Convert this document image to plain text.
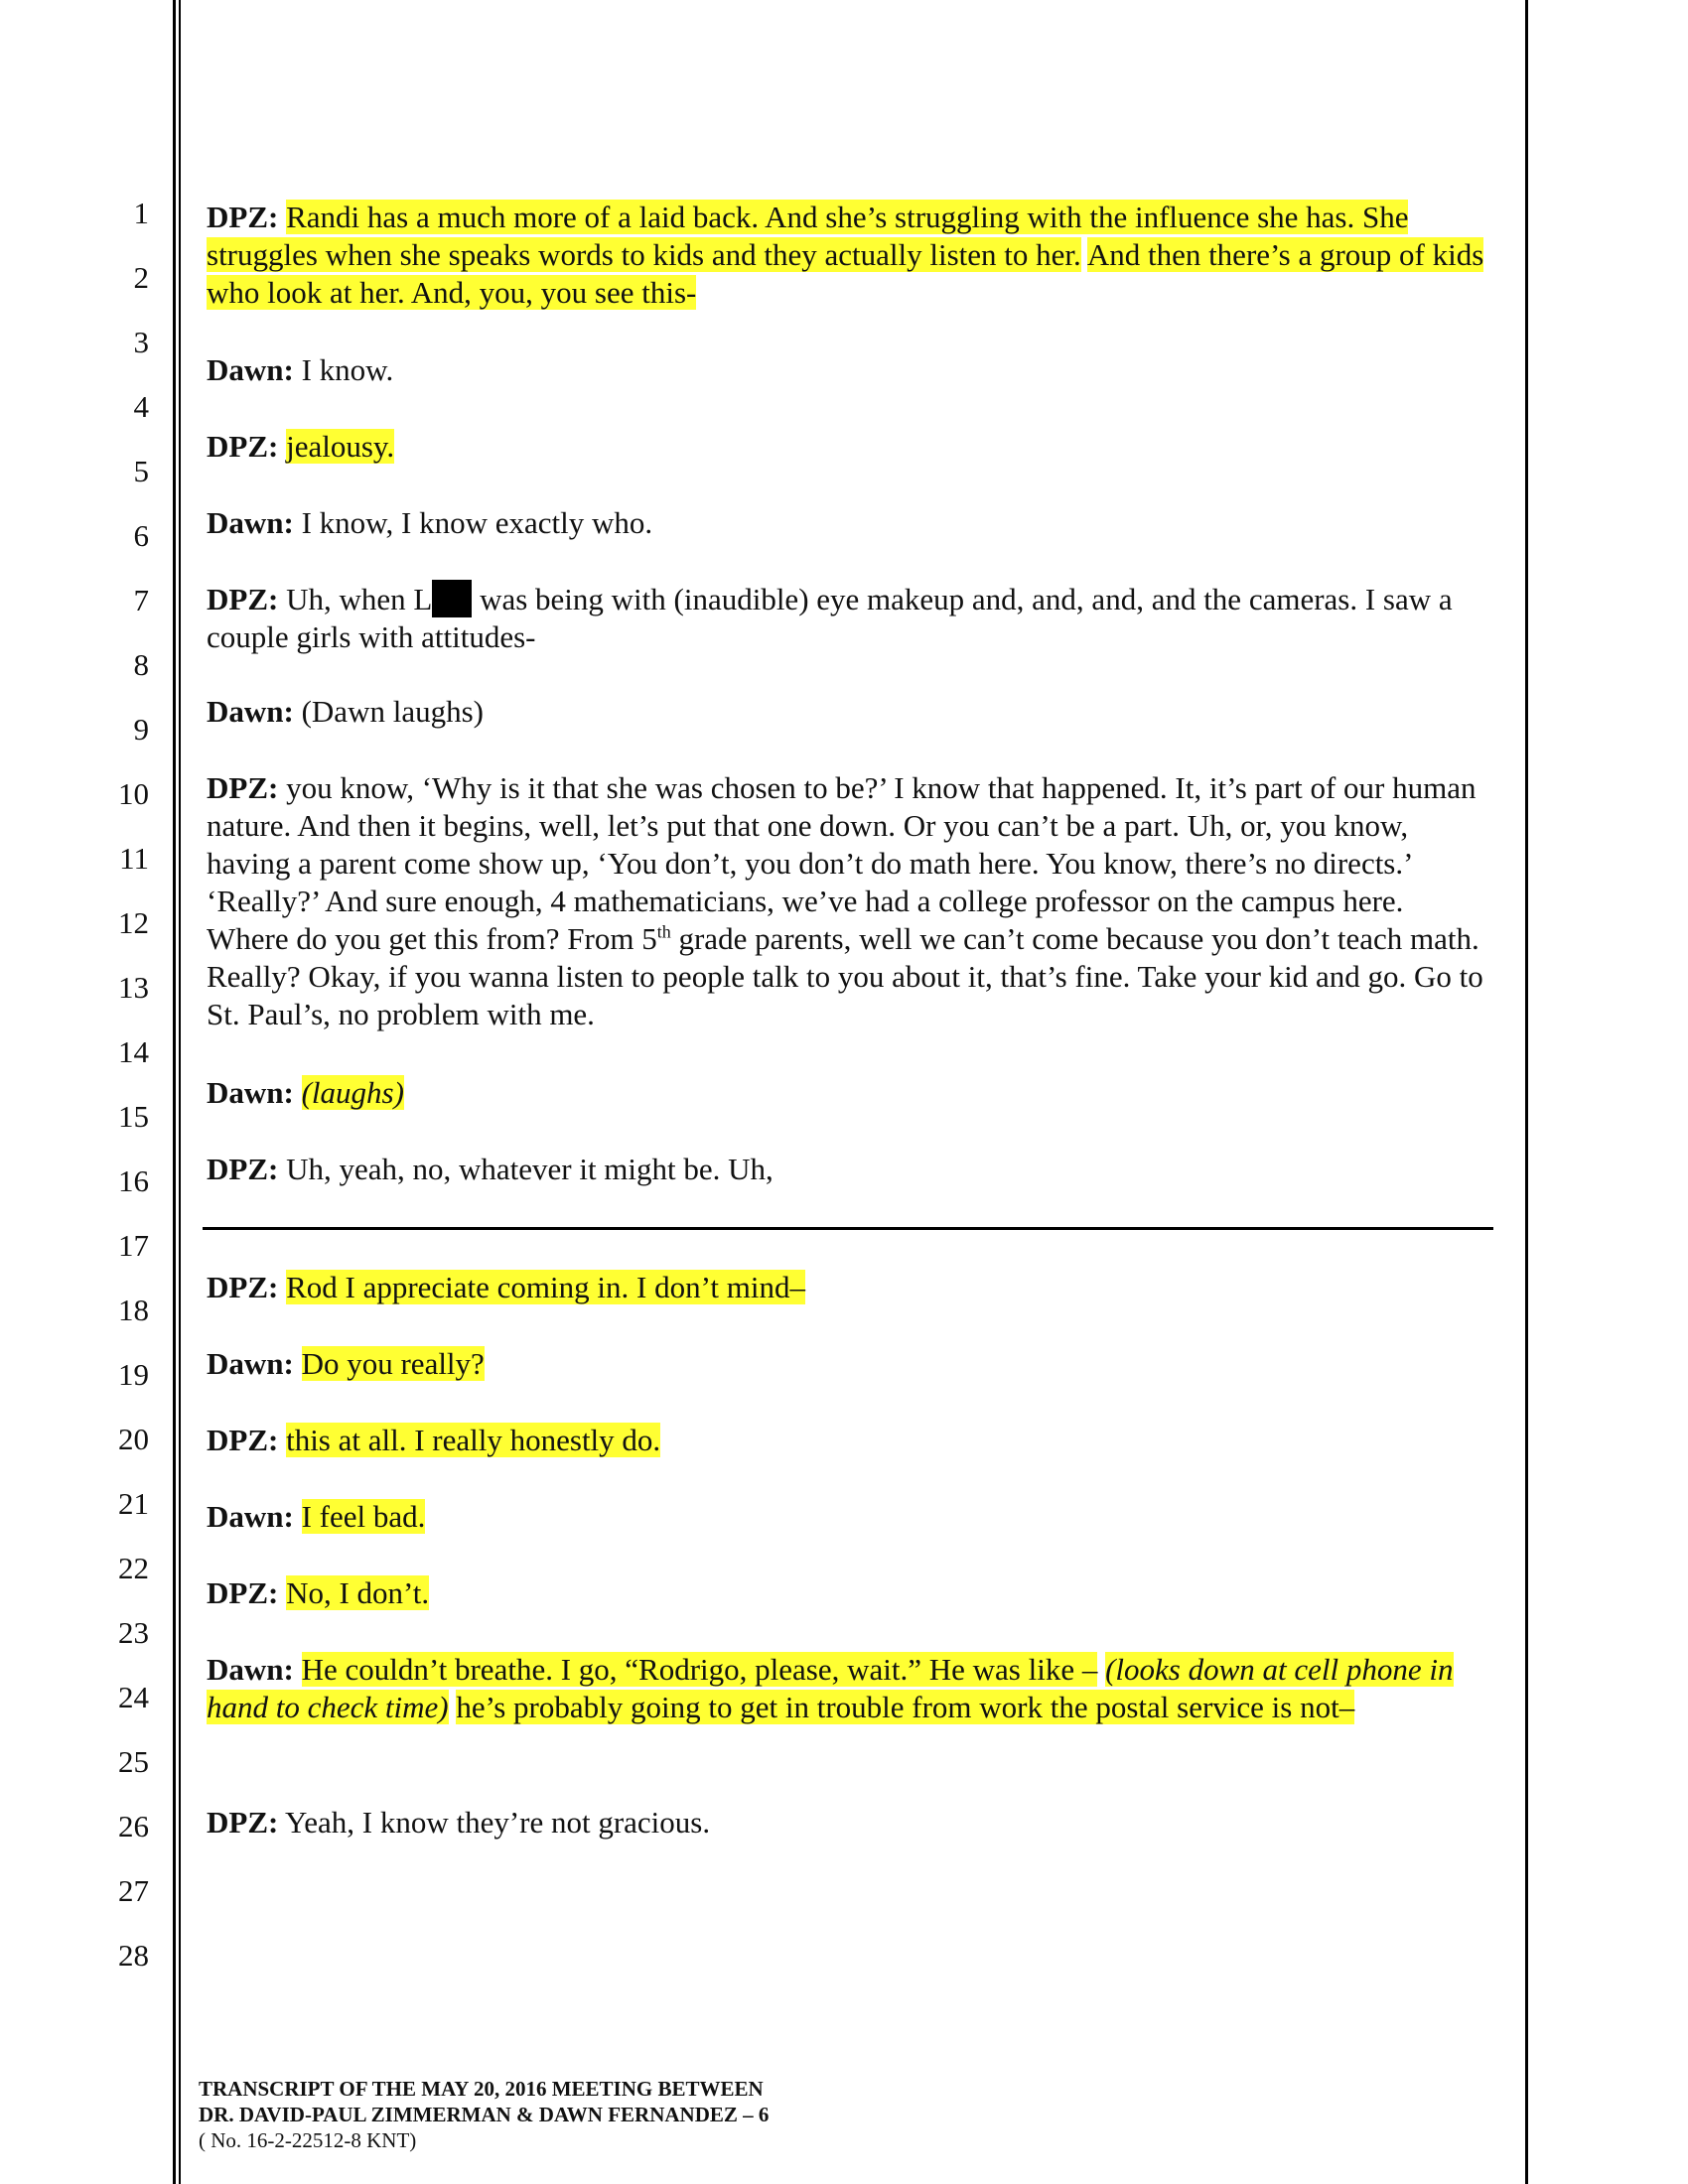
1
2
3
4
5
6
7
8
9
10
11
12
13
14
15
16
17
18
19
20
21
22
23
24
25
26
27
28

DPZ: Randi has a much more of a laid back. And she’s struggling with the influence she has. She struggles when she speaks words to kids and they actually listen to her. And then there’s a group of kids who look at her. And, you, you see this-

Dawn: I know.

DPZ: jealousy.

Dawn: I know, I know exactly who.

DPZ: Uh, when L was being with (inaudible) eye makeup and, and, and, and the cameras. I saw a couple girls with attitudes-

Dawn: (Dawn laughs)

DPZ: you know, ‘Why is it that she was chosen to be?’ I know that happened. It, it’s part of our human nature. And then it begins, well, let’s put that one down. Or you can’t be a part. Uh, or, you know, having a parent come show up, ‘You don’t, you don’t do math here. You know, there’s no directs.’ ‘Really?’ And sure enough, 4 mathematicians, we’ve had a college professor on the campus here. Where do you get this from? From 5th grade parents, well we can’t come because you don’t teach math. Really? Okay, if you wanna listen to people talk to you about it, that’s fine. Take your kid and go. Go to St. Paul’s, no problem with me.

Dawn: (laughs)

DPZ: Uh, yeah, no, whatever it might be. Uh,

DPZ: Rod I appreciate coming in. I don’t mind–

Dawn: Do you really?

DPZ: this at all. I really honestly do.

Dawn: I feel bad.

DPZ: No, I don’t.

Dawn: He couldn’t breathe. I go, “Rodrigo, please, wait.” He was like – (looks down at cell phone in hand to check time) he’s probably going to get in trouble from work the postal service is not–

DPZ: Yeah, I know they’re not gracious.

TRANSCRIPT OF THE MAY 20, 2016 MEETING BETWEEN
DR. DAVID-PAUL ZIMMERMAN & DAWN FERNANDEZ – 6
( No. 16-2-22512-8 KNT)
